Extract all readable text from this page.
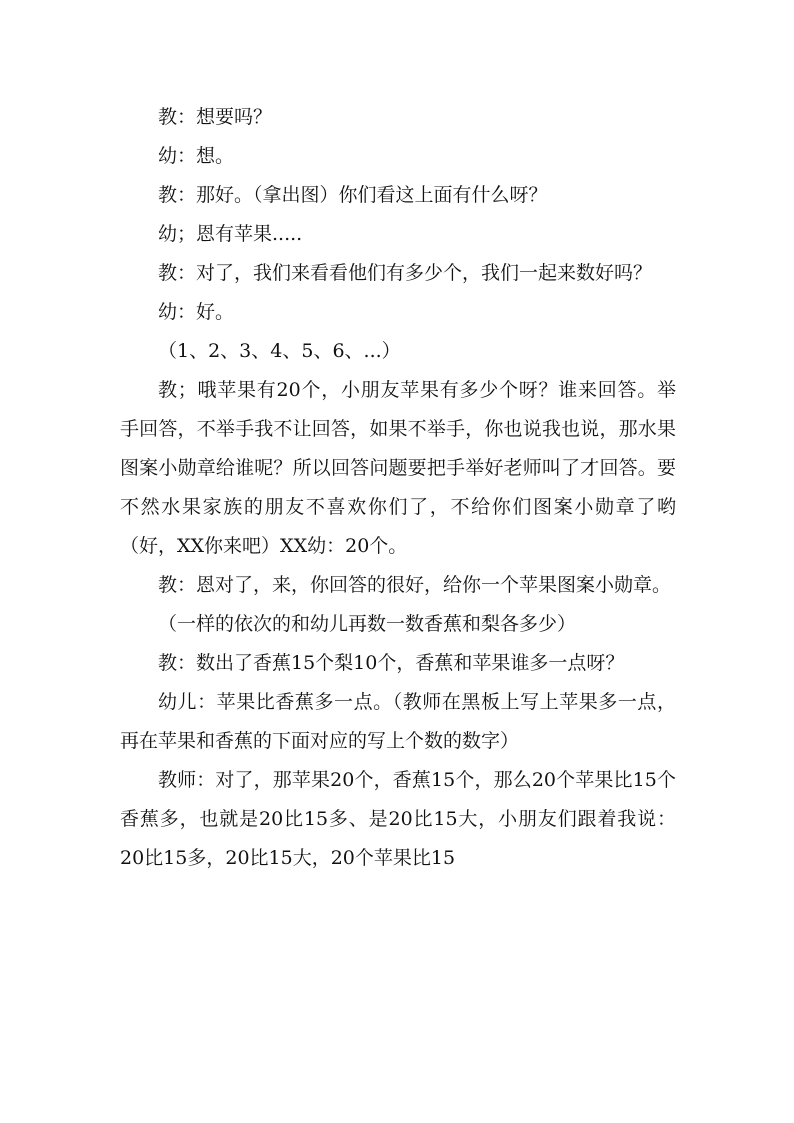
教：想要吗？

幼：想。

教：那好。（拿出图）你们看这上面有什么呀？

幼；恩有苹果.....

教：对了，我们来看看他们有多少个，我们一起来数好吗？

幼：好。

（1、2、3、4、5、6、...）

教；哦苹果有20个，小朋友苹果有多少个呀？谁来回答。举手回答，不举手我不让回答，如果不举手，你也说我也说，那水果图案小勋章给谁呢？所以回答问题要把手举好老师叫了才回答。要不然水果家族的朋友不喜欢你们了，不给你们图案小勋章了哟（好，XX你来吧）XX幼：20个。

教：恩对了，来，你回答的很好，给你一个苹果图案小勋章。

（一样的依次的和幼儿再数一数香蕉和梨各多少）

教：数出了香蕉15个梨10个，香蕉和苹果谁多一点呀？

幼儿：苹果比香蕉多一点。（教师在黑板上写上苹果多一点，再在苹果和香蕉的下面对应的写上个数的数字）

教师：对了，那苹果20个，香蕉15个，那么20个苹果比15个香蕉多，也就是20比15多、是20比15大，小朋友们跟着我说：20比15多，20比15大，20个苹果比15
